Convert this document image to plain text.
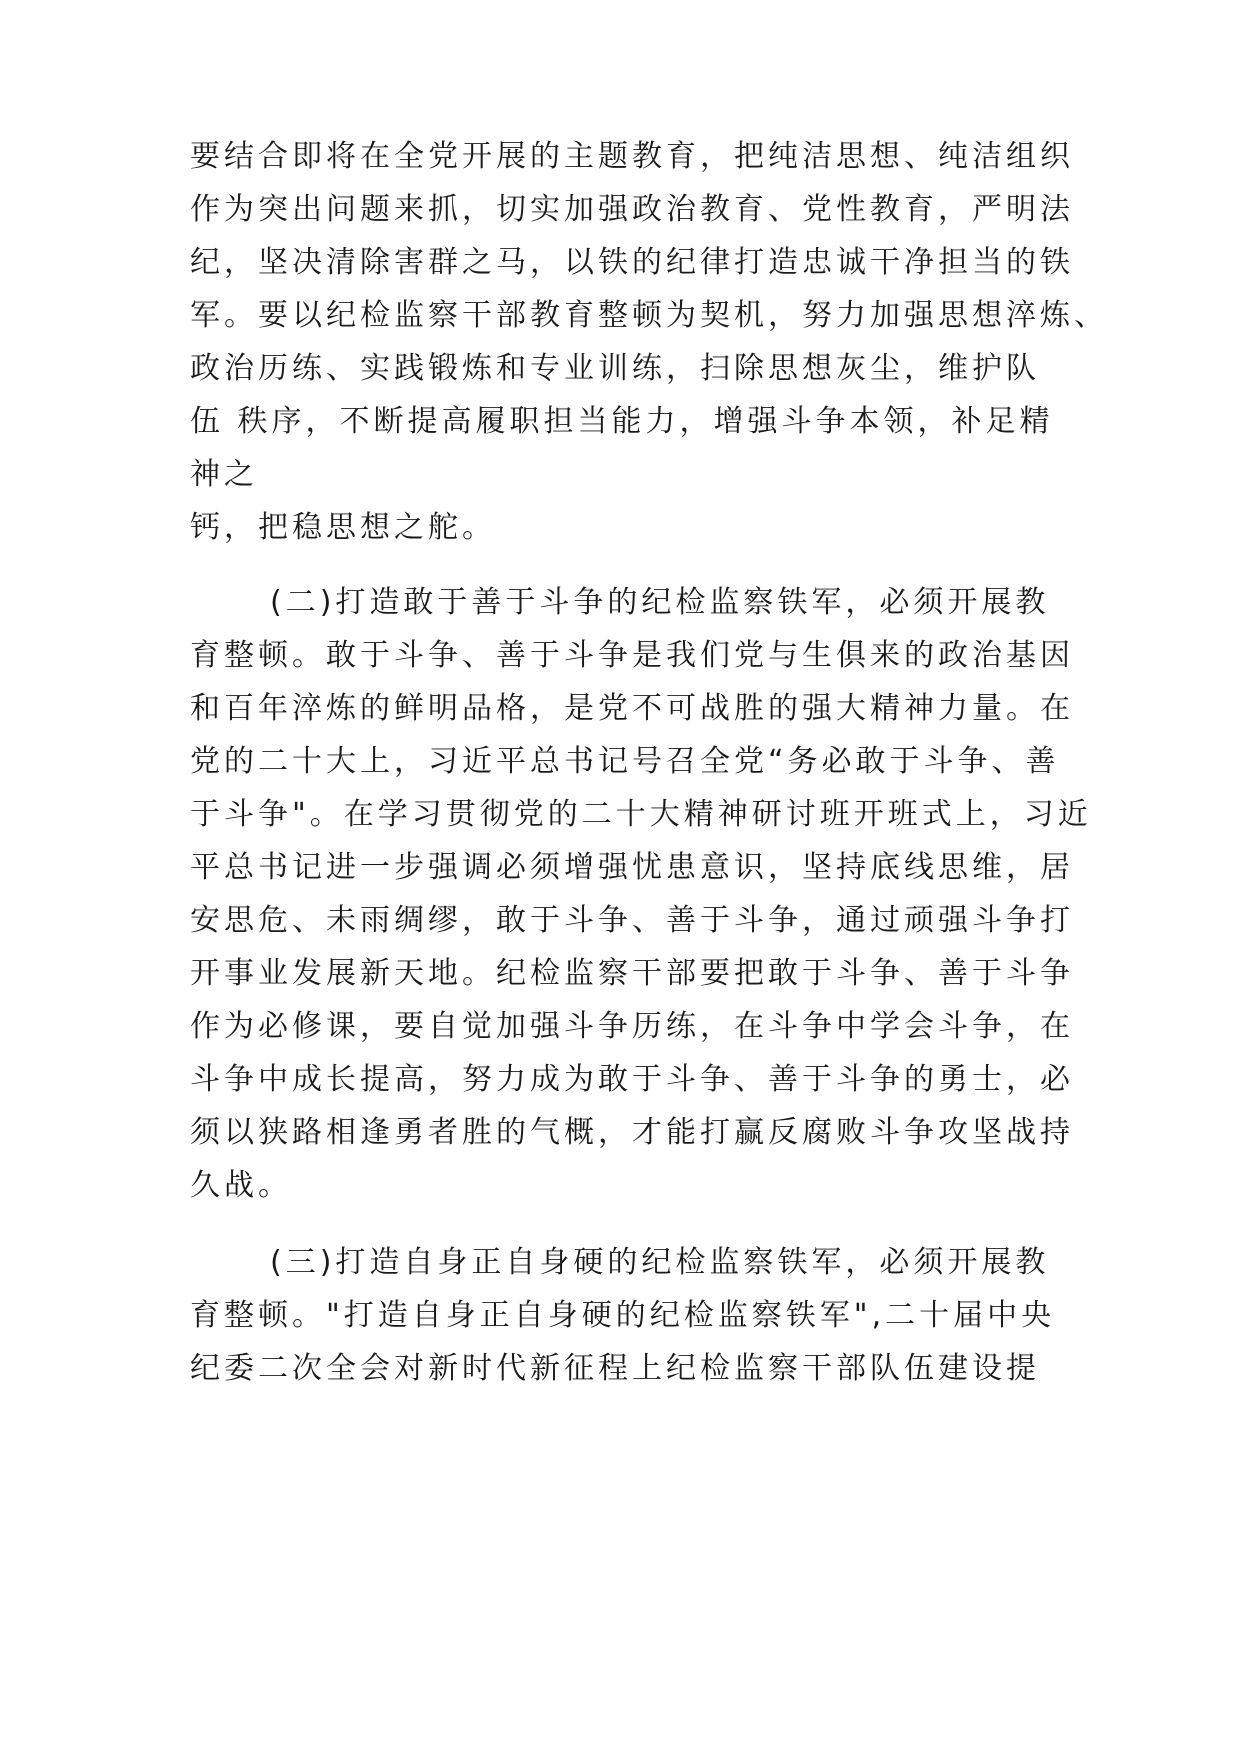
要结合即将在全党开展的主题教育，把纯洁思想、纯洁组织
作为突出问题来抓，切实加强政治教育、党性教育，严明法
纪，坚决清除害群之马，以铁的纪律打造忠诚干净担当的铁
军。要以纪检监察干部教育整顿为契机，努力加强思想淬炼、
政治历练、实践锻炼和专业训练，扫除思想灰尘，维护队
伍 秩序，不断提高履职担当能力，增强斗争本领，补足精
神之
钙，把稳思想之舵。
(二)打造敢于善于斗争的纪检监察铁军，必须开展教
育整顿。敢于斗争、善于斗争是我们党与生俱来的政治基因
和百年淬炼的鲜明品格，是党不可战胜的强大精神力量。在
党的二十大上，习近平总书记号召全党“务必敢于斗争、善
于斗争"。在学习贯彻党的二十大精神研讨班开班式上，习近
平总书记进一步强调必须增强忧患意识，坚持底线思维，居
安思危、未雨绸缪，敢于斗争、善于斗争，通过顽强斗争打
开事业发展新天地。纪检监察干部要把敢于斗争、善于斗争
作为必修课，要自觉加强斗争历练，在斗争中学会斗争，在
斗争中成长提高，努力成为敢于斗争、善于斗争的勇士，必
须以狭路相逢勇者胜的气概，才能打赢反腐败斗争攻坚战持
久战。
(三)打造自身正自身硬的纪检监察铁军，必须开展教
育整顿。"打造自身正自身硬的纪检监察铁军",二十届中央
纪委二次全会对新时代新征程上纪检监察干部队伍建设提
